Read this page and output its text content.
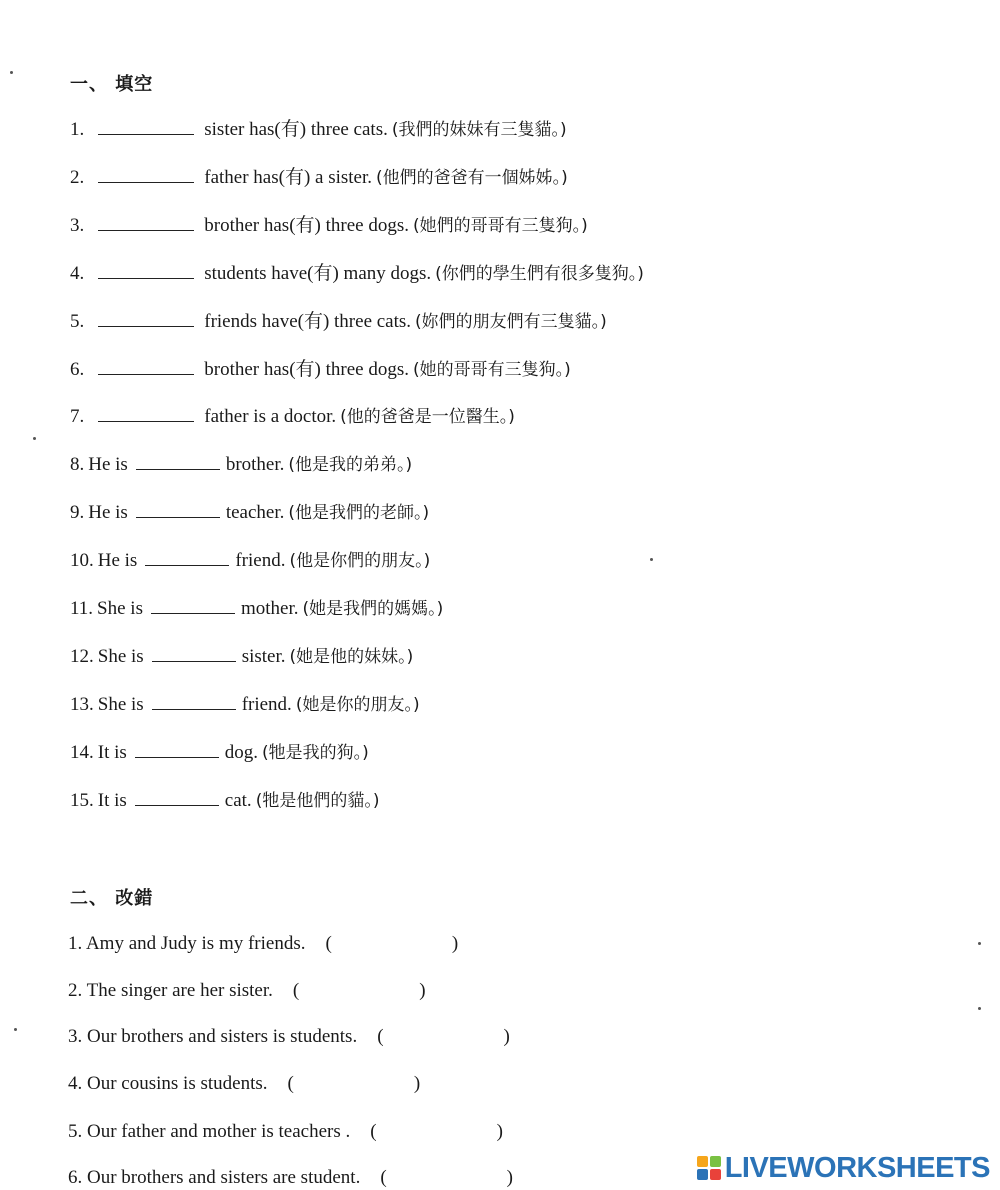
一、 填空
1.	sister has(有) three cats. (我們的妹妹有三隻貓。)
2.	father has(有) a sister. (他們的爸爸有一個姊姊。)
3.	brother has(有) three dogs. (她們的哥哥有三隻狗。)
4.	students have(有) many dogs. (你們的學生們有很多隻狗。)
5.	friends have(有) three cats. (妳們的朋友們有三隻貓。)
6.	brother has(有) three dogs. (她的哥哥有三隻狗。)
7.	father is a doctor. (他的爸爸是一位醫生。)
8. He is	brother. (他是我的弟弟。)
9. He is	teacher. (他是我們的老師。)
10. He is	friend. (他是你們的朋友。)
11. She is	mother. (她是我們的媽媽。)
12. She is	sister. (她是他的妹妹。)
13. She is	friend. (她是你的朋友。)
14. It is	dog. (牠是我的狗。)
15. It is	cat. (牠是他們的貓。)
二、 改錯
1. Amy and Judy is my friends. (	)
2. The singer are her sister. (	)
3. Our brothers and sisters is students. (	)
4. Our cousins is students. (	)
5. Our father and mother is teachers . (	)
6. Our brothers and sisters are student. (	)	LIVEWORKSHEETS
